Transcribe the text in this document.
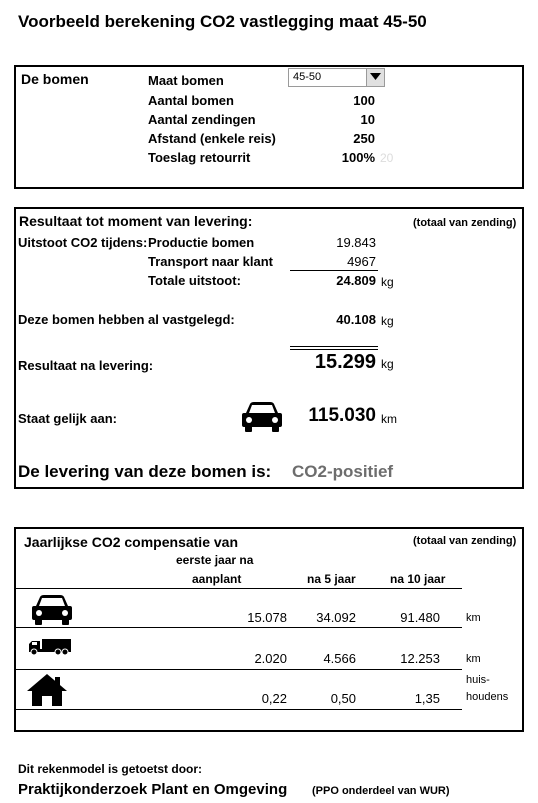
Voorbeeld berekening CO2 vastlegging maat 45-50
De bomen	Maat bomen	45-50
Aantal bomen	100
Aantal zendingen	10
Afstand (enkele reis)	250
Toeslag retourrit	100% 20
Resultaat tot moment van levering:	(totaal van zending)
Uitstoot CO2 tijdens: Productie bomen	19.843
Transport naar klant	4967
Totale uitstoot:	24.809 kg
Deze bomen hebben al vastgelegd:	40.108 kg
Resultaat na levering:	15.299 kg
Staat gelijk aan:	115.030 km
De levering van deze bomen is: CO2-positief
Jaarlijkse CO2 compensatie van	(totaal van zending)
eerste jaar na
aanplant	na 5 jaar	na 10 jaar
15.078	34.092	91.480 km
2.020	4.566	12.253 km
0,22	0,50	1,35
huis-
houdens
Dit rekenmodel is getoetst door:
Praktijkonderzoek Plant en Omgeving (PPO onderdeel van WUR)
